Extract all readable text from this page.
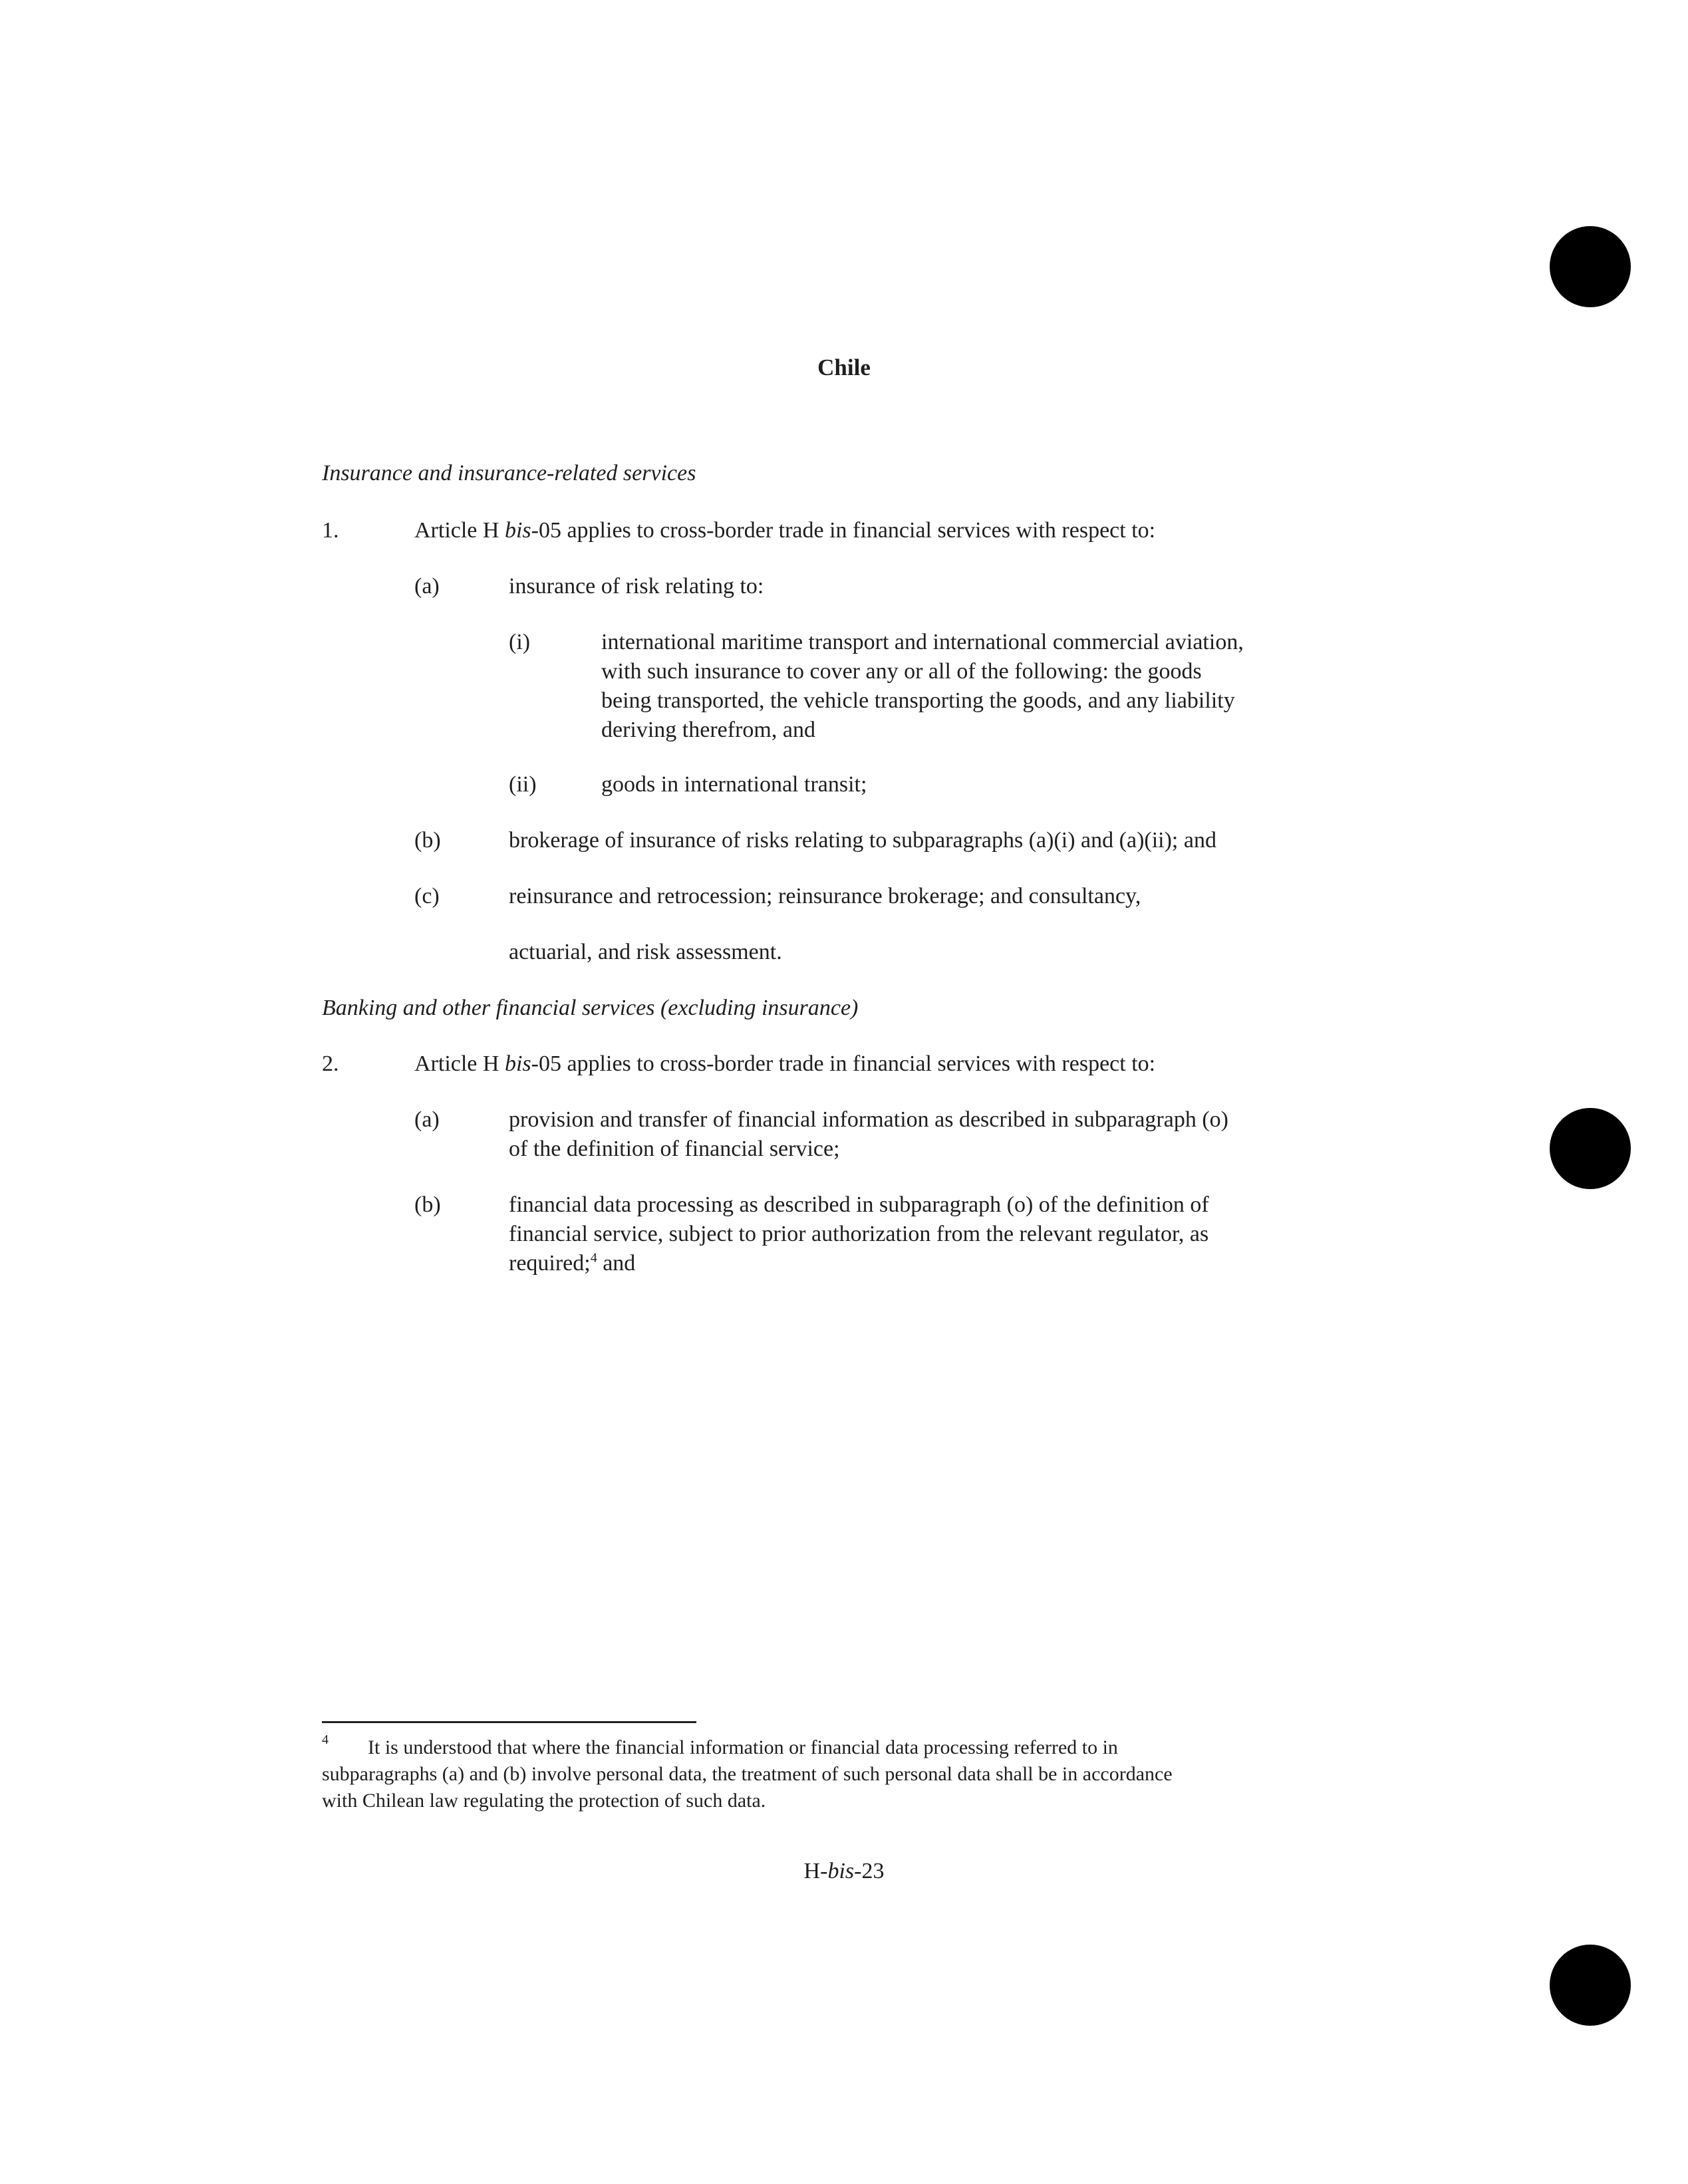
Chile
Insurance and insurance-related services
1.	Article H bis-05 applies to cross-border trade in financial services with respect to:
(a)	insurance of risk relating to:
(i)	international maritime transport and international commercial aviation,
with such insurance to cover any or all of the following: the goods
being transported, the vehicle transporting the goods, and any liability
deriving therefrom, and
(ii)	goods in international transit;
(b)	brokerage of insurance of risks relating to subparagraphs (a)(i) and (a)(ii); and
(c)	reinsurance and retrocession; reinsurance brokerage; and consultancy,
actuarial, and risk assessment.
Banking and other financial services (excluding insurance)
2.	Article H bis-05 applies to cross-border trade in financial services with respect to:
(a)	provision and transfer of financial information as described in subparagraph (o)
of the definition of financial service;
(b)	financial data processing as described in subparagraph (o) of the definition of
financial service, subject to prior authorization from the relevant regulator, as
required;$^4$ and
$^4$ It is understood that where the financial information or financial data processing referred to in
subparagraphs (a) and (b) involve personal data, the treatment of such personal data shall be in accordance
with Chilean law regulating the protection of such data.
H-bis-23
